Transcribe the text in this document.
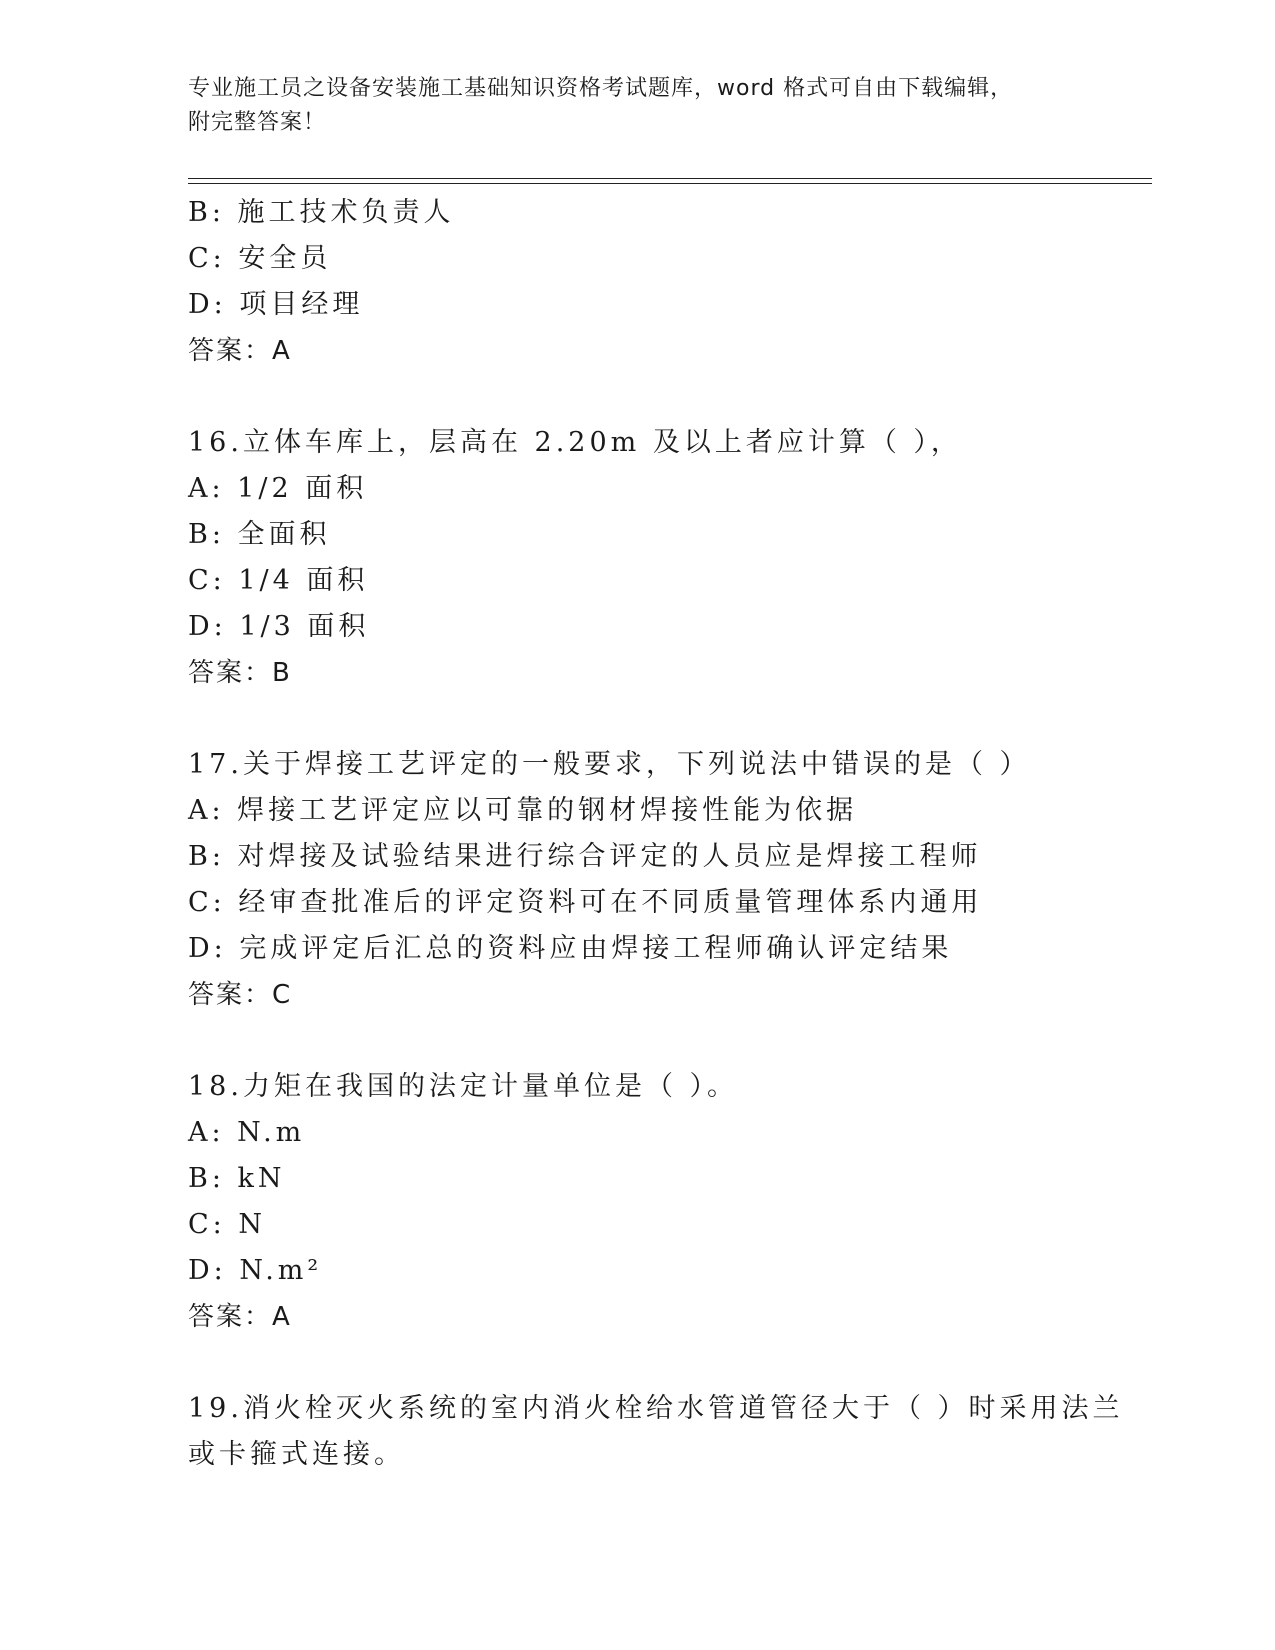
专业施工员之设备安装施工基础知识资格考试题库，word 格式可自由下载编辑，
附完整答案！
B: 施工技术负责人
C: 安全员
D: 项目经理
答案：A
16.立体车库上，层高在 2.20m 及以上者应计算（ ），
A: 1/2 面积
B: 全面积
C: 1/4 面积
D: 1/3 面积
答案：B
17.关于焊接工艺评定的一般要求，下列说法中错误的是（ ）
A: 焊接工艺评定应以可靠的钢材焊接性能为依据
B: 对焊接及试验结果进行综合评定的人员应是焊接工程师
C: 经审查批准后的评定资料可在不同质量管理体系内通用
D: 完成评定后汇总的资料应由焊接工程师确认评定结果
答案：C
18.力矩在我国的法定计量单位是（ ）。
A: N.m
B: kN
C: N
D: N.m²
答案：A
19.消火栓灭火系统的室内消火栓给水管道管径大于（ ）时采用法兰
或卡箍式连接。
